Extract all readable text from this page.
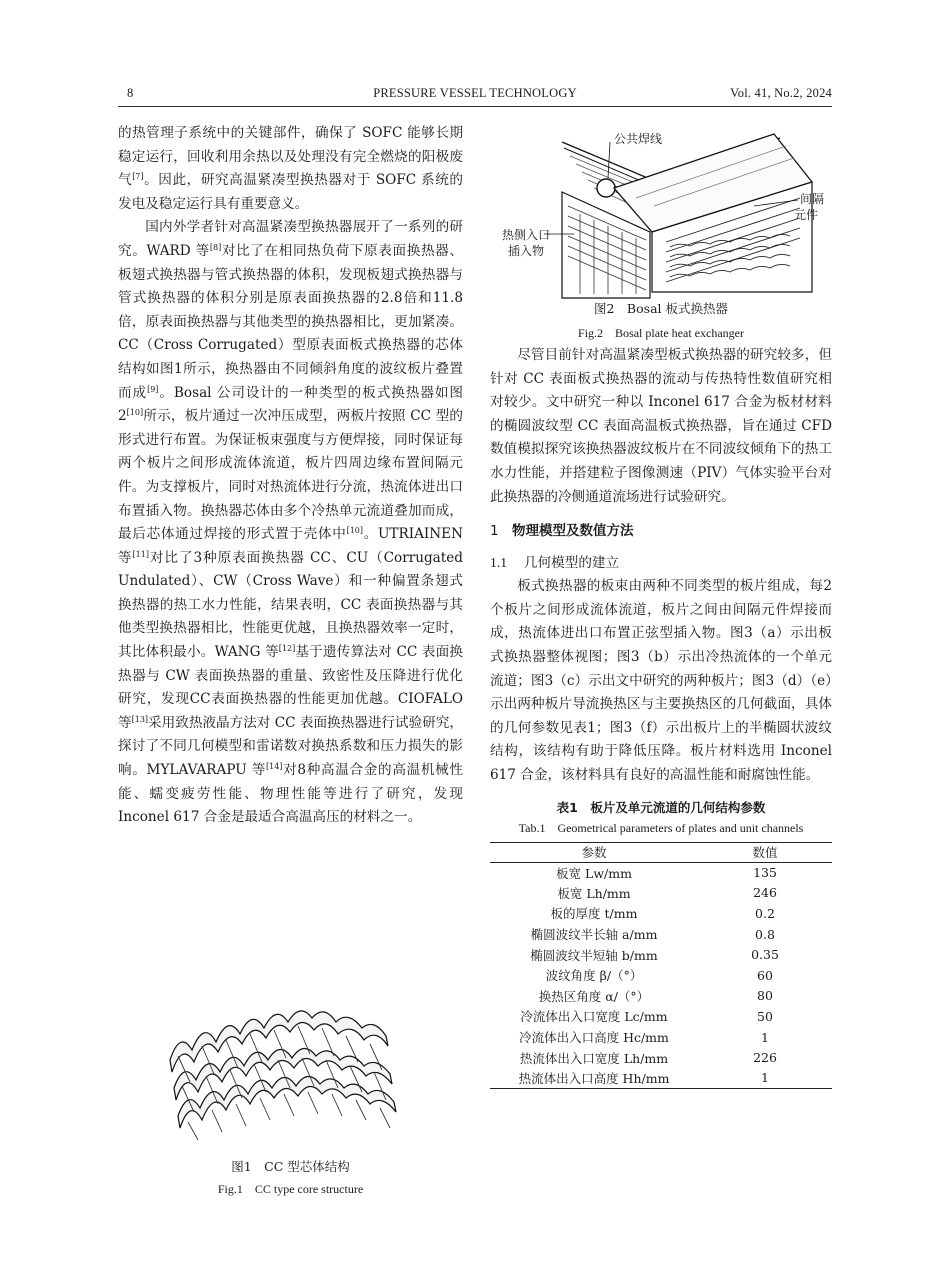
8	PRESSURE VESSEL TECHNOLOGY	Vol. 41, No.2, 2024

的热管理子系统中的关键部件，确保了 SOFC 能够长期稳定运行，回收利用余热以及处理没有完全燃烧的阳极废气[7]。因此，研究高温紧凑型换热器对于 SOFC 系统的发电及稳定运行具有重要意义。

国内外学者针对高温紧凑型换热器展开了一系列的研究。WARD 等[8]对比了在相同热负荷下原表面换热器、板翅式换热器与管式换热器的体积，发现板翅式换热器与管式换热器的体积分别是原表面换热器的2.8倍和11.8倍，原表面换热器与其他类型的换热器相比，更加紧凑。CC（Cross Corrugated）型原表面板式换热器的芯体结构如图1所示，换热器由不同倾斜角度的波纹板片叠置而成[9]。Bosal 公司设计的一种类型的板式换热器如图2[10]所示，板片通过一次冲压成型，两板片按照 CC 型的形式进行布置。为保证板束强度与方便焊接，同时保证每两个板片之间形成流体流道，板片四周边缘布置间隔元件。为支撑板片，同时对热流体进行分流，热流体进出口布置插入物。换热器芯体由多个冷热单元流道叠加而成，最后芯体通过焊接的形式置于壳体中[10]。UTRIAINEN 等[11]对比了3种原表面换热器 CC、CU（Corrugated Undulated）、CW（Cross Wave）和一种偏置条翅式换热器的热工水力性能，结果表明，CC 表面换热器与其他类型换热器相比，性能更优越，且换热器效率一定时，其比体积最小。WANG 等[12]基于遗传算法对 CC 表面换热器与 CW 表面换热器的重量、致密性及压降进行优化研究，发现CC表面换热器的性能更加优越。CIOFALO 等[13]采用致热液晶方法对 CC 表面换热器进行试验研究，探讨了不同几何模型和雷诺数对换热系数和压力损失的影响。MYLAVARAPU 等[14]对8种高温合金的高温机械性能、蠕变疲劳性能、物理性能等进行了研究，发现 Inconel 617 合金是最适合高温高压的材料之一。

图1　CC 型芯体结构
Fig.1　CC type core structure
公共焊线
间隔
元件
热侧入口
插入物
图2　Bosal 板式换热器
Fig.2　Bosal plate heat exchanger

尽管目前针对高温紧凑型板式换热器的研究较多，但针对 CC 表面板式换热器的流动与传热特性数值研究相对较少。文中研究一种以 Inconel 617 合金为板材材料的椭圆波纹型 CC 表面高温板式换热器，旨在通过 CFD 数值模拟探究该换热器波纹板片在不同波纹倾角下的热工水力性能，并搭建粒子图像测速（PIV）气体实验平台对此换热器的冷侧通道流场进行试验研究。

1 物理模型及数值方法
1.1 几何模型的建立

板式换热器的板束由两种不同类型的板片组成，每2个板片之间形成流体流道，板片之间由间隔元件焊接而成，热流体进出口布置正弦型插入物。图3（a）示出板式换热器整体视图；图3（b）示出冷热流体的一个单元流道；图3（c）示出文中研究的两种板片；图3（d）（e）示出两种板片导流换热区与主要换热区的几何截面，具体的几何参数见表1；图3（f）示出板片上的半椭圆状波纹结构，该结构有助于降低压降。板片材料选用 Inconel 617 合金，该材料具有良好的高温性能和耐腐蚀性能。

表1　板片及单元流道的几何结构参数
Tab.1　Geometrical parameters of plates and unit channels
参数	数值
板宽 Lw/mm	135
板宽 Lh/mm	246
板的厚度 t/mm	0.2
椭圆波纹半长轴 a/mm	0.8
椭圆波纹半短轴 b/mm	0.35
波纹角度 β/（°）	60
换热区角度 α/（°）	80
冷流体出入口宽度 Lc/mm	50
冷流体出入口高度 Hc/mm	1
热流体出入口宽度 Lh/mm	226
热流体出入口高度 Hh/mm	1
